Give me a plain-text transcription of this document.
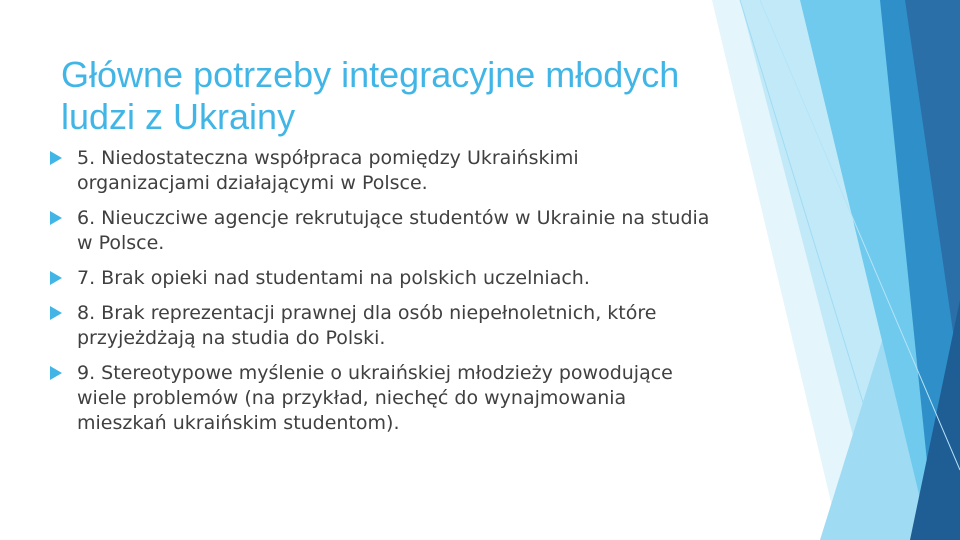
Główne potrzeby integracyjne młodych ludzi z Ukrainy
5. Niedostateczna współpraca pomiędzy Ukraińskimi organizacjami działającymi w Polsce.
6. Nieuczciwe agencje rekrutujące studentów w Ukrainie na studia w Polsce.
7. Brak opieki nad studentami na polskich uczelniach.
8. Brak reprezentacji prawnej dla osób niepełnoletnich, które przyjeżdżają na studia do Polski.
9. Stereotypowe myślenie o ukraińskiej młodzieży powodujące wiele problemów (na przykład, niechęć do wynajmowania mieszkań ukraińskim studentom).
